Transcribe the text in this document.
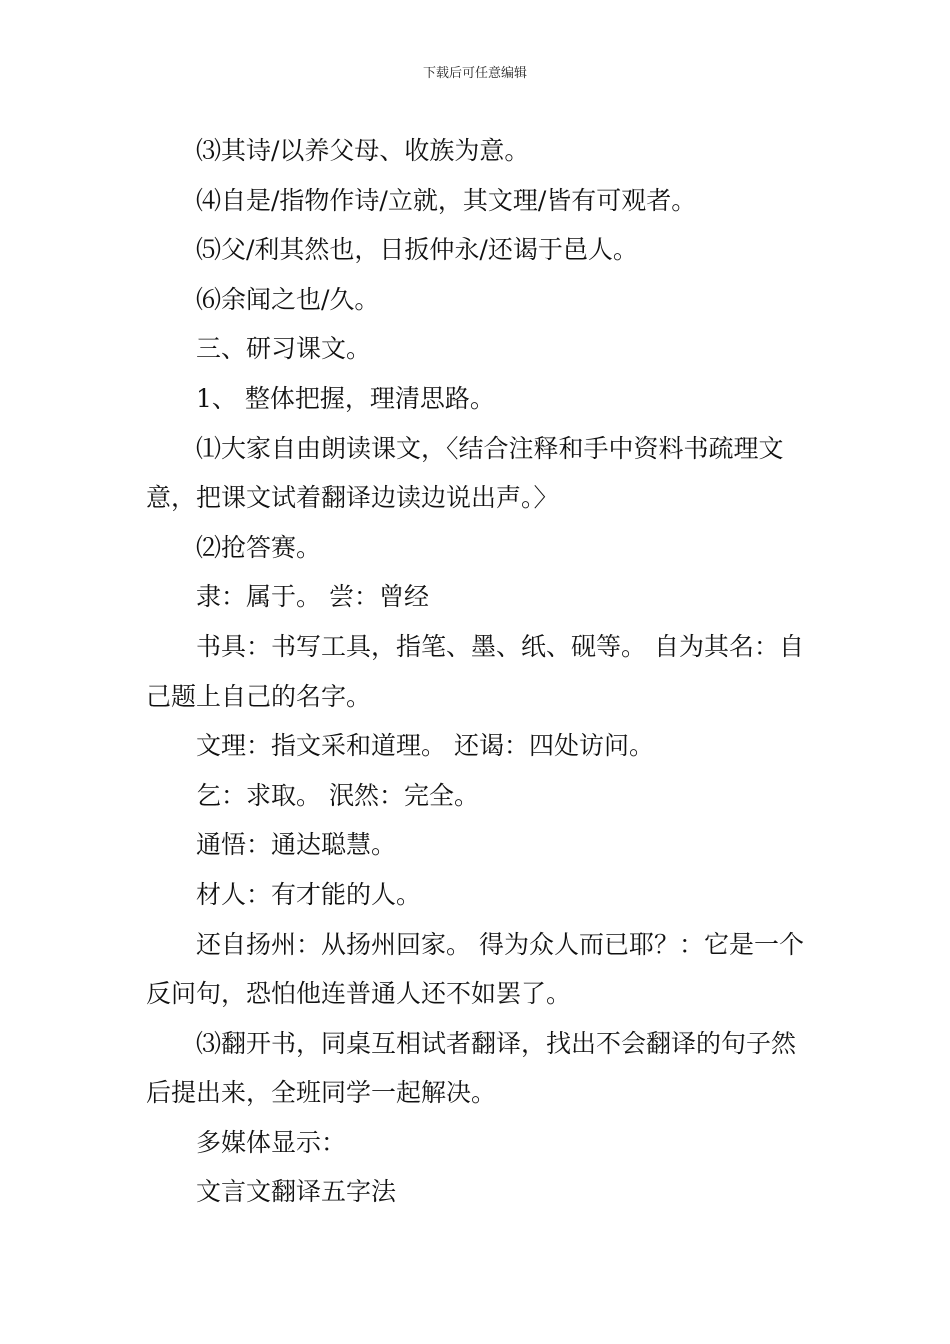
下载后可任意编辑

⑶其诗/以养父母、收族为意。

⑷自是/指物作诗/立就，其文理/皆有可观者。

⑸父/利其然也，日扳仲永/还谒于邑人。

⑹余闻之也/久。

三、研习课文。

1、 整体把握，理清思路。

⑴大家自由朗读课文，〈结合注释和手中资料书疏理文意，把课文试着翻译边读边说出声。〉

⑵抢答赛。

隶：属于。 尝：曾经

书具：书写工具，指笔、墨、纸、砚等。 自为其名：自己题上自己的名字。

文理：指文采和道理。 还谒：四处访问。

乞：求取。 泯然：完全。

通悟：通达聪慧。

材人：有才能的人。

还自扬州：从扬州回家。 得为众人而已耶？：它是一个反问句，恐怕他连普通人还不如罢了。

⑶翻开书，同桌互相试者翻译，找出不会翻译的句子然后提出来，全班同学一起解决。

多媒体显示：

文言文翻译五字法
